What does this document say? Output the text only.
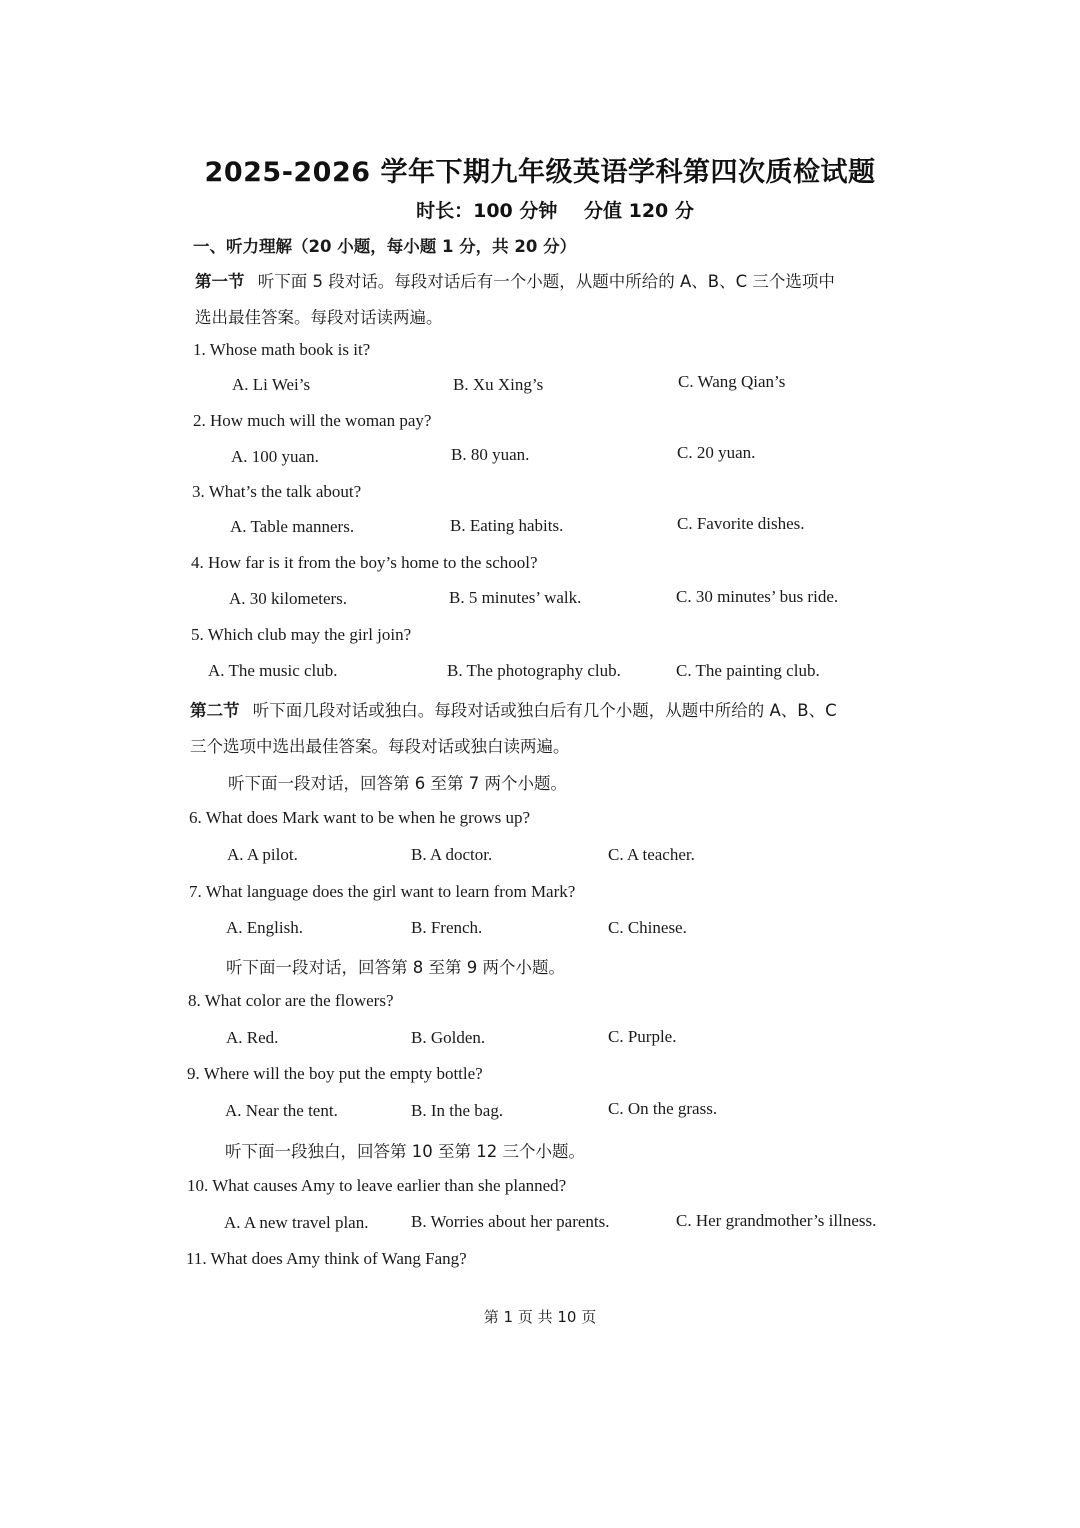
2025-2026 学年下期九年级英语学科第四次质检试题
时长：100 分钟 分值 120 分
一、听力理解（20 小题，每小题 1 分，共 20 分）
第一节 听下面 5 段对话。每段对话后有一个小题，从题中所给的 A、B、C 三个选项中
选出最佳答案。每段对话读两遍。
1. Whose math book is it?
A. Li Wei’s	B. Xu Xing’s	C. Wang Qian’s
2. How much will the woman pay?
A. 100 yuan.	B. 80 yuan.	C. 20 yuan.
3. What’s the talk about?
A. Table manners.	B. Eating habits.	C. Favorite dishes.
4. How far is it from the boy’s home to the school?
A. 30 kilometers.	B. 5 minutes’ walk.	C. 30 minutes’ bus ride.
5. Which club may the girl join?
A. The music club.	B. The photography club.	C. The painting club.
第二节 听下面几段对话或独白。每段对话或独白后有几个小题，从题中所给的 A、B、C
三个选项中选出最佳答案。每段对话或独白读两遍。
听下面一段对话，回答第 6 至第 7 两个小题。
6. What does Mark want to be when he grows up?
A. A pilot.	B. A doctor.	C. A teacher.
7. What language does the girl want to learn from Mark?
A. English.	B. French.	C. Chinese.
听下面一段对话，回答第 8 至第 9 两个小题。
8. What color are the flowers?
A. Red.	B. Golden.	C. Purple.
9. Where will the boy put the empty bottle?
A. Near the tent.	B. In the bag.	C. On the grass.
听下面一段独白，回答第 10 至第 12 三个小题。
10. What causes Amy to leave earlier than she planned?
A. A new travel plan.	B. Worries about her parents.	C. Her grandmother’s illness.
11. What does Amy think of Wang Fang?
第 1 页 共 10 页
